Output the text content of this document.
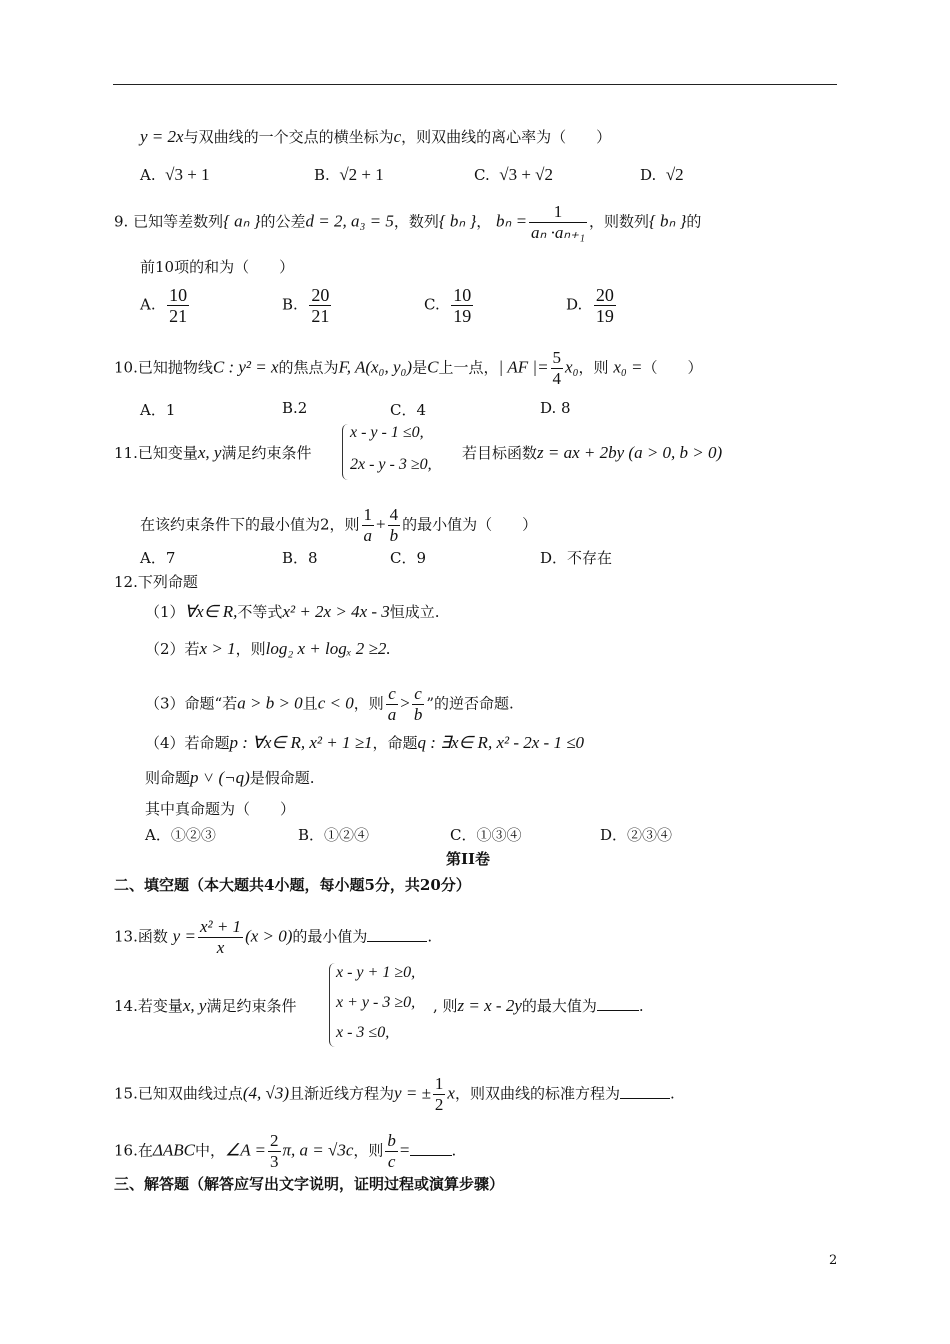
y = 2x与双曲线的一个交点的横坐标为c，则双曲线的离心率为（　　）
A. √3 + 1	B. √2 + 1	C. √3 + √2	D. √2
9. 已知等差数列{ aₙ }的公差d = 2, a₃ = 5，数列{ bₙ }， $b_n = \frac{1}{\text{aₙ ·aₙ₊₁}}$ ，则数列{ bₙ }的
前10项的和为（　　）
A. $\frac{10}{21}$	B. $\frac{20}{21}$	C. $\frac{10}{19}$	D. $\frac{20}{19}$
10.已知抛物线C : y² = x的焦点为F, A(x₀, y₀)是C上一点，| AF |= $\frac{5}{4} x_0$，则 x₀ =（　　）
A．1	B.2	C．4	D. 8
11.已知变量x, y满足约束条件
x - y - 1 ≤0,
2x - y - 3 ≥0,
若目标函数z = ax + 2by (a > 0, b > 0)
在该约束条件下的最小值为2，则 $\frac{1}{a} + \frac{4}{b}$ 的最小值为（　　）
A．7	B．8	C．9	D．不存在
12.下列命题
（1）∀x∈ R,不等式x² + 2x > 4x - 3恒成立.
（2）若x > 1，则log₂ x + logₓ 2 ≥2.
（3）命题“若a > b > 0且c < 0，则 $\frac{c}{a} > \frac{c}{b}$ ”的逆否命题.
（4）若命题p : ∀x∈ R, x² + 1 ≥1，命题q : ∃x∈ R, x² - 2x - 1 ≤0
则命题p ˅ (¬q)是假命题.
其中真命题为（　　）
A．①②③	B．①②④	C．①③④	D．②③④
第II卷
二、填空题（本大题共4小题，每小题5分，共20分）
13.函数 $y = \frac{\text{x² + 1}}{x} (x > 0)$的最小值为	.
14.若变量x, y满足约束条件
x - y + 1 ≥0,
x + y - 3 ≥0,
x - 3 ≤0,
, 则z = x - 2y的最大值为	.
15.已知双曲线过点(4, √3)且渐近线方程为y = ± $\frac{1}{2}$ x，则双曲线的标准方程为	.
16.在ΔABC中，∠A = $\frac{2}{3} \pi$, a = √3c，则 $\frac{b}{c}$ =	.
三、解答题（解答应写出文字说明，证明过程或演算步骤）
2
